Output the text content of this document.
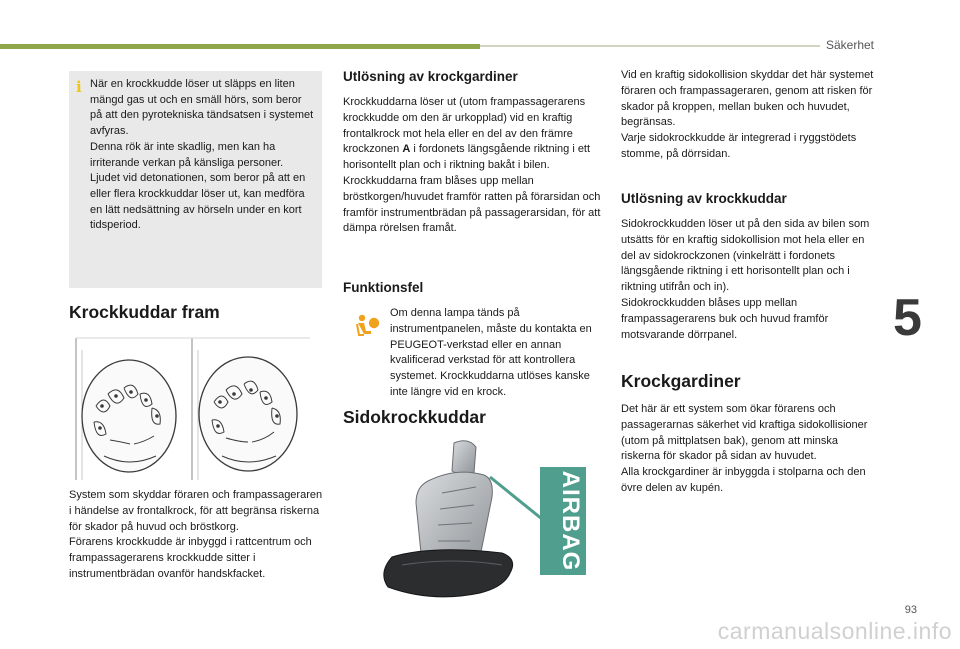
Säkerhet
5
i När en krockkudde löser ut släpps en liten mängd gas ut och en smäll hörs, som beror på att den pyrotekniska tändsatsen i systemet avfyras.

Denna rök är inte skadlig, men kan ha irriterande verkan på känsliga personer.

Ljudet vid detonationen, som beror på att en eller flera krockkuddar löser ut, kan medföra en lätt nedsättning av hörseln under en kort tidsperiod.

Krockkuddar fram

System som skyddar föraren och frampassageraren i händelse av frontalkrock, för att begränsa riskerna för skador på huvud och bröstkorg.

Förarens krockkudde är inbyggd i rattcentrum och frampassagerarens krockkudde sitter i instrumentbrädan ovanför handskfacket.

Utlösning av krockgardiner

Krockkuddarna löser ut (utom frampassagerarens krockkudde om den är urkopplad) vid en kraftig frontalkrock mot hela eller en del av den främre krockzonen A i fordonets längsgående riktning i ett horisontellt plan och i riktning bakåt i bilen.

Krockkuddarna fram blåses upp mellan bröstkorgen/huvudet framför ratten på förarsidan och framför instrumentbrädan på passagerarsidan, för att dämpa rörelsen framåt.

Funktionsfel
Om denna lampa tänds på instrumentpanelen, måste du kontakta en PEUGEOT-verkstad eller en annan kvalificerad verkstad för att kontrollera systemet. Krockkuddarna utlöses kanske inte längre vid en krock.
Sidokrockkuddar
AIRBAG

Vid en kraftig sidokollision skyddar det här systemet föraren och frampassageraren, genom att risken för skador på kroppen, mellan buken och huvudet, begränsas.

Varje sidokrockkudde är integrerad i ryggstödets stomme, på dörrsidan.

Utlösning av krockkuddar

Sidokrockkudden löser ut på den sida av bilen som utsätts för en kraftig sidokollision mot hela eller en del av sidokrockzonen (vinkelrätt i fordonets längsgående riktning i ett horisontellt plan och i riktning utifrån och in).

Sidokrockkudden blåses upp mellan frampassagerarens buk och huvud framför motsvarande dörrpanel.

Krockgardiner

Det här är ett system som ökar förarens och passagerarnas säkerhet vid kraftiga sidokollisioner (utom på mittplatsen bak), genom att minska riskerna för skador på sidan av huvudet.

Alla krockgardiner är inbyggda i stolparna och den övre delen av kupén.

93
carmanualsonline.info
